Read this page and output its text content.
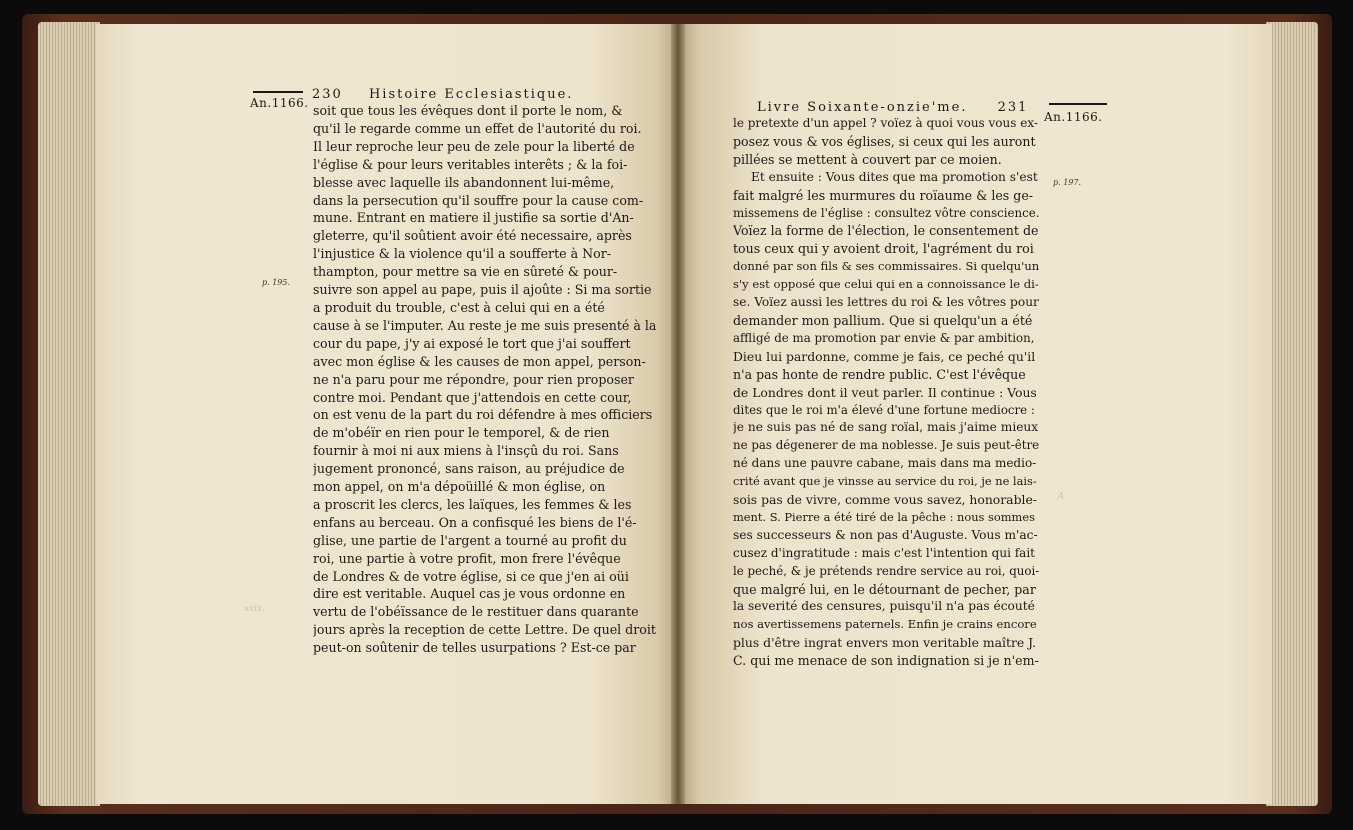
230 Histoire Ecclesiastique.
An.1166.
p. 195.
Livre Soixante-onzie'me. 231
An.1166.
p. 197.
soit que tous les évêques dont il porte le nom, &
qu'il le regarde comme un effet de l'autorité du roi.
Il leur reproche leur peu de zele pour la liberté de
l'église & pour leurs veritables interêts ; & la foi-
blesse avec laquelle ils abandonnent lui-même,
dans la persecution qu'il souffre pour la cause com-
mune. Entrant en matiere il justifie sa sortie d'An-
gleterre, qu'il soûtient avoir été necessaire, après
l'injustice & la violence qu'il a soufferte à Nor-
thampton, pour mettre sa vie en sûreté & pour-
suivre son appel au pape, puis il ajoûte : Si ma sortie
a produit du trouble, c'est à celui qui en a été
cause à se l'imputer. Au reste je me suis presenté à la
cour du pape, j'y ai exposé le tort que j'ai souffert
avec mon église & les causes de mon appel, person-
ne n'a paru pour me répondre, pour rien proposer
contre moi. Pendant que j'attendois en cette cour,
on est venu de la part du roi défendre à mes officiers
de m'obéïr en rien pour le temporel, & de rien
fournir à moi ni aux miens à l'insçû du roi. Sans
jugement prononcé, sans raison, au préjudice de
mon appel, on m'a dépoüillé & mon église, on
a proscrit les clercs, les laïques, les femmes & les
enfans au berceau. On a confisqué les biens de l'é-
glise, une partie de l'argent a tourné au profit du
roi, une partie à votre profit, mon frere l'évêque
de Londres & de votre église, si ce que j'en ai oüi
dire est veritable. Auquel cas je vous ordonne en
vertu de l'obéïssance de le restituer dans quarante
jours après la reception de cette Lettre. De quel droit
peut-on soûtenir de telles usurpations ? Est-ce par
le pretexte d'un appel ? voïez à quoi vous vous ex-
posez vous & vos églises, si ceux qui les auront
pillées se mettent à couvert par ce moien.
Et ensuite : Vous dites que ma promotion s'est
fait malgré les murmures du roïaume & les ge-
missemens de l'église : consultez vôtre conscience.
Voïez la forme de l'élection, le consentement de
tous ceux qui y avoient droit, l'agrément du roi
donné par son fils & ses commissaires. Si quelqu'un
s'y est opposé que celui qui en a connoissance le di-
se. Voïez aussi les lettres du roi & les vôtres pour
demander mon pallium. Que si quelqu'un a été
affligé de ma promotion par envie & par ambition,
Dieu lui pardonne, comme je fais, ce peché qu'il
n'a pas honte de rendre public. C'est l'évêque
de Londres dont il veut parler. Il continue : Vous
dites que le roi m'a élevé d'une fortune mediocre :
je ne suis pas né de sang roïal, mais j'aime mieux
ne pas dégenerer de ma noblesse. Je suis peut-être
né dans une pauvre cabane, mais dans ma medio-
crité avant que je vinsse au service du roi, je ne lais-
sois pas de vivre, comme vous savez, honorable-
ment. S. Pierre a été tiré de la pêche : nous sommes
ses successeurs & non pas d'Auguste. Vous m'ac-
cusez d'ingratitude : mais c'est l'intention qui fait
le peché, & je prétends rendre service au roi, quoi-
que malgré lui, en le détournant de pecher, par
la severité des censures, puisqu'il n'a pas écouté
nos avertissemens paternels. Enfin je crains encore
plus d'être ingrat envers mon veritable maître J.
C. qui me menace de son indignation si je n'em-
xxix.
· A
